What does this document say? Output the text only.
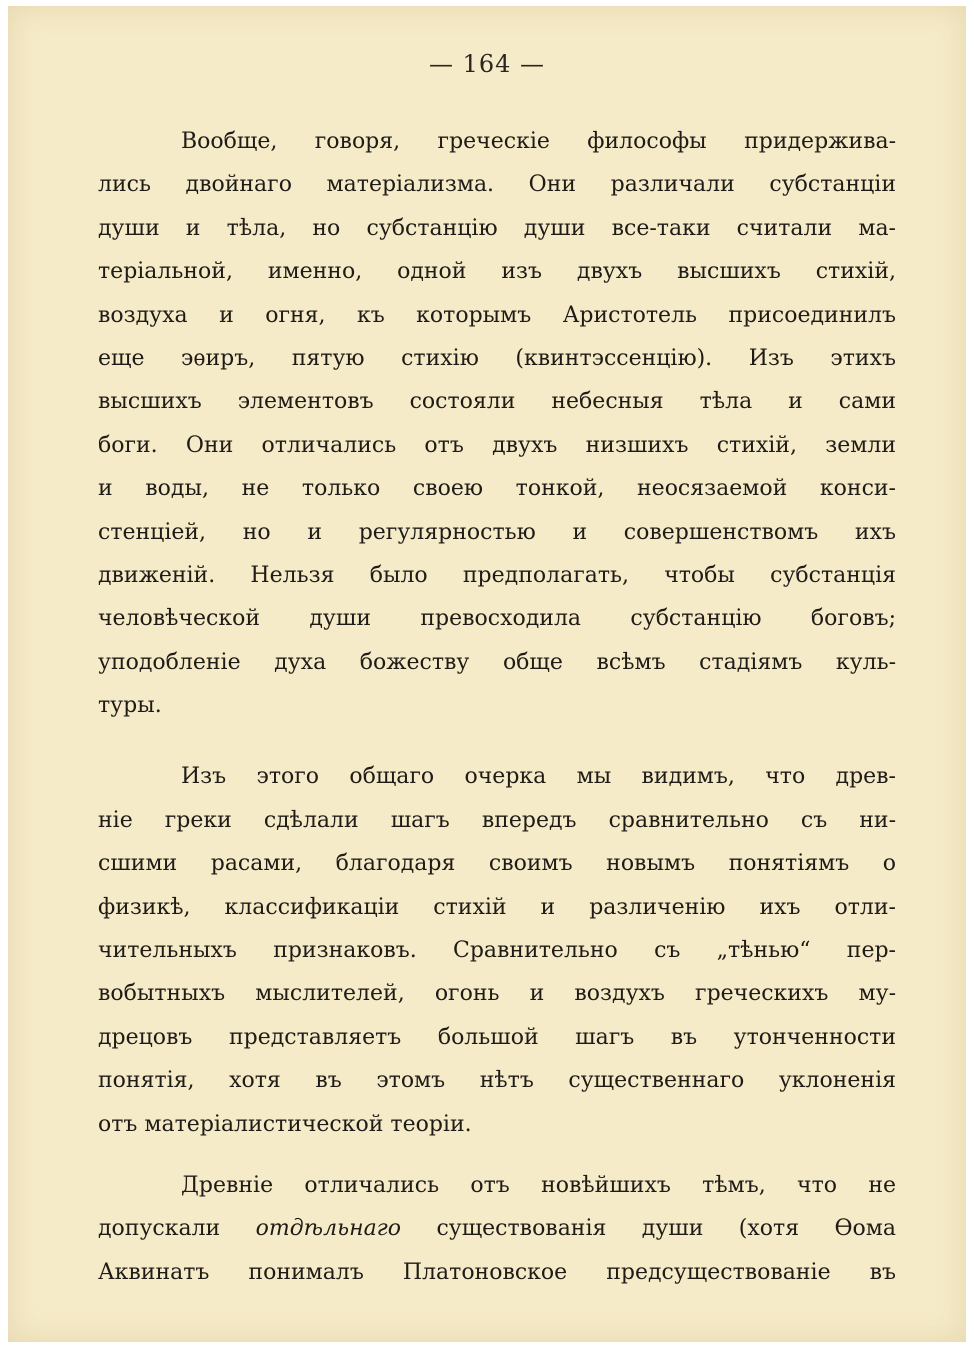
— 164 —
Вообще, говоря, греческіе философы придержива-
лись двойнаго матеріализма. Они различали субстанціи
души и тѣла, но субстанцію души все-таки считали ма-
теріальной, именно, одной изъ двухъ высшихъ стихій,
воздуха и огня, къ которымъ Аристотель присоединилъ
еще эѳиръ, пятую стихію (квинтэссенцію). Изъ этихъ
высшихъ элементовъ состояли небесныя тѣла и сами
боги. Они отличались отъ двухъ низшихъ стихій, земли
и воды, не только своею тонкой, неосязаемой конси-
стенціей, но и регулярностью и совершенствомъ ихъ
движеній. Нельзя было предполагать, чтобы субстанція
человѣческой души превосходила субстанцію боговъ;
уподобленіе духа божеству обще всѣмъ стадіямъ куль-
туры.
Изъ этого общаго очерка мы видимъ, что древ-
ніе греки сдѣлали шагъ впередъ сравнительно съ ни-
сшими расами, благодаря своимъ новымъ понятіямъ о
физикѣ, классификаціи стихій и различенію ихъ отли-
чительныхъ признаковъ. Сравнительно съ „тѣнью“ пер-
вобытныхъ мыслителей, огонь и воздухъ греческихъ му-
дрецовъ представляетъ большой шагъ въ утонченности
понятія, хотя въ этомъ нѣтъ существеннаго уклоненія
отъ матеріалистической теоріи.
Древніе отличались отъ новѣйшихъ тѣмъ, что не
допускали отдѣльнаго существованія души (хотя Ѳома
Аквинатъ понималъ Платоновское предсуществованіе въ
